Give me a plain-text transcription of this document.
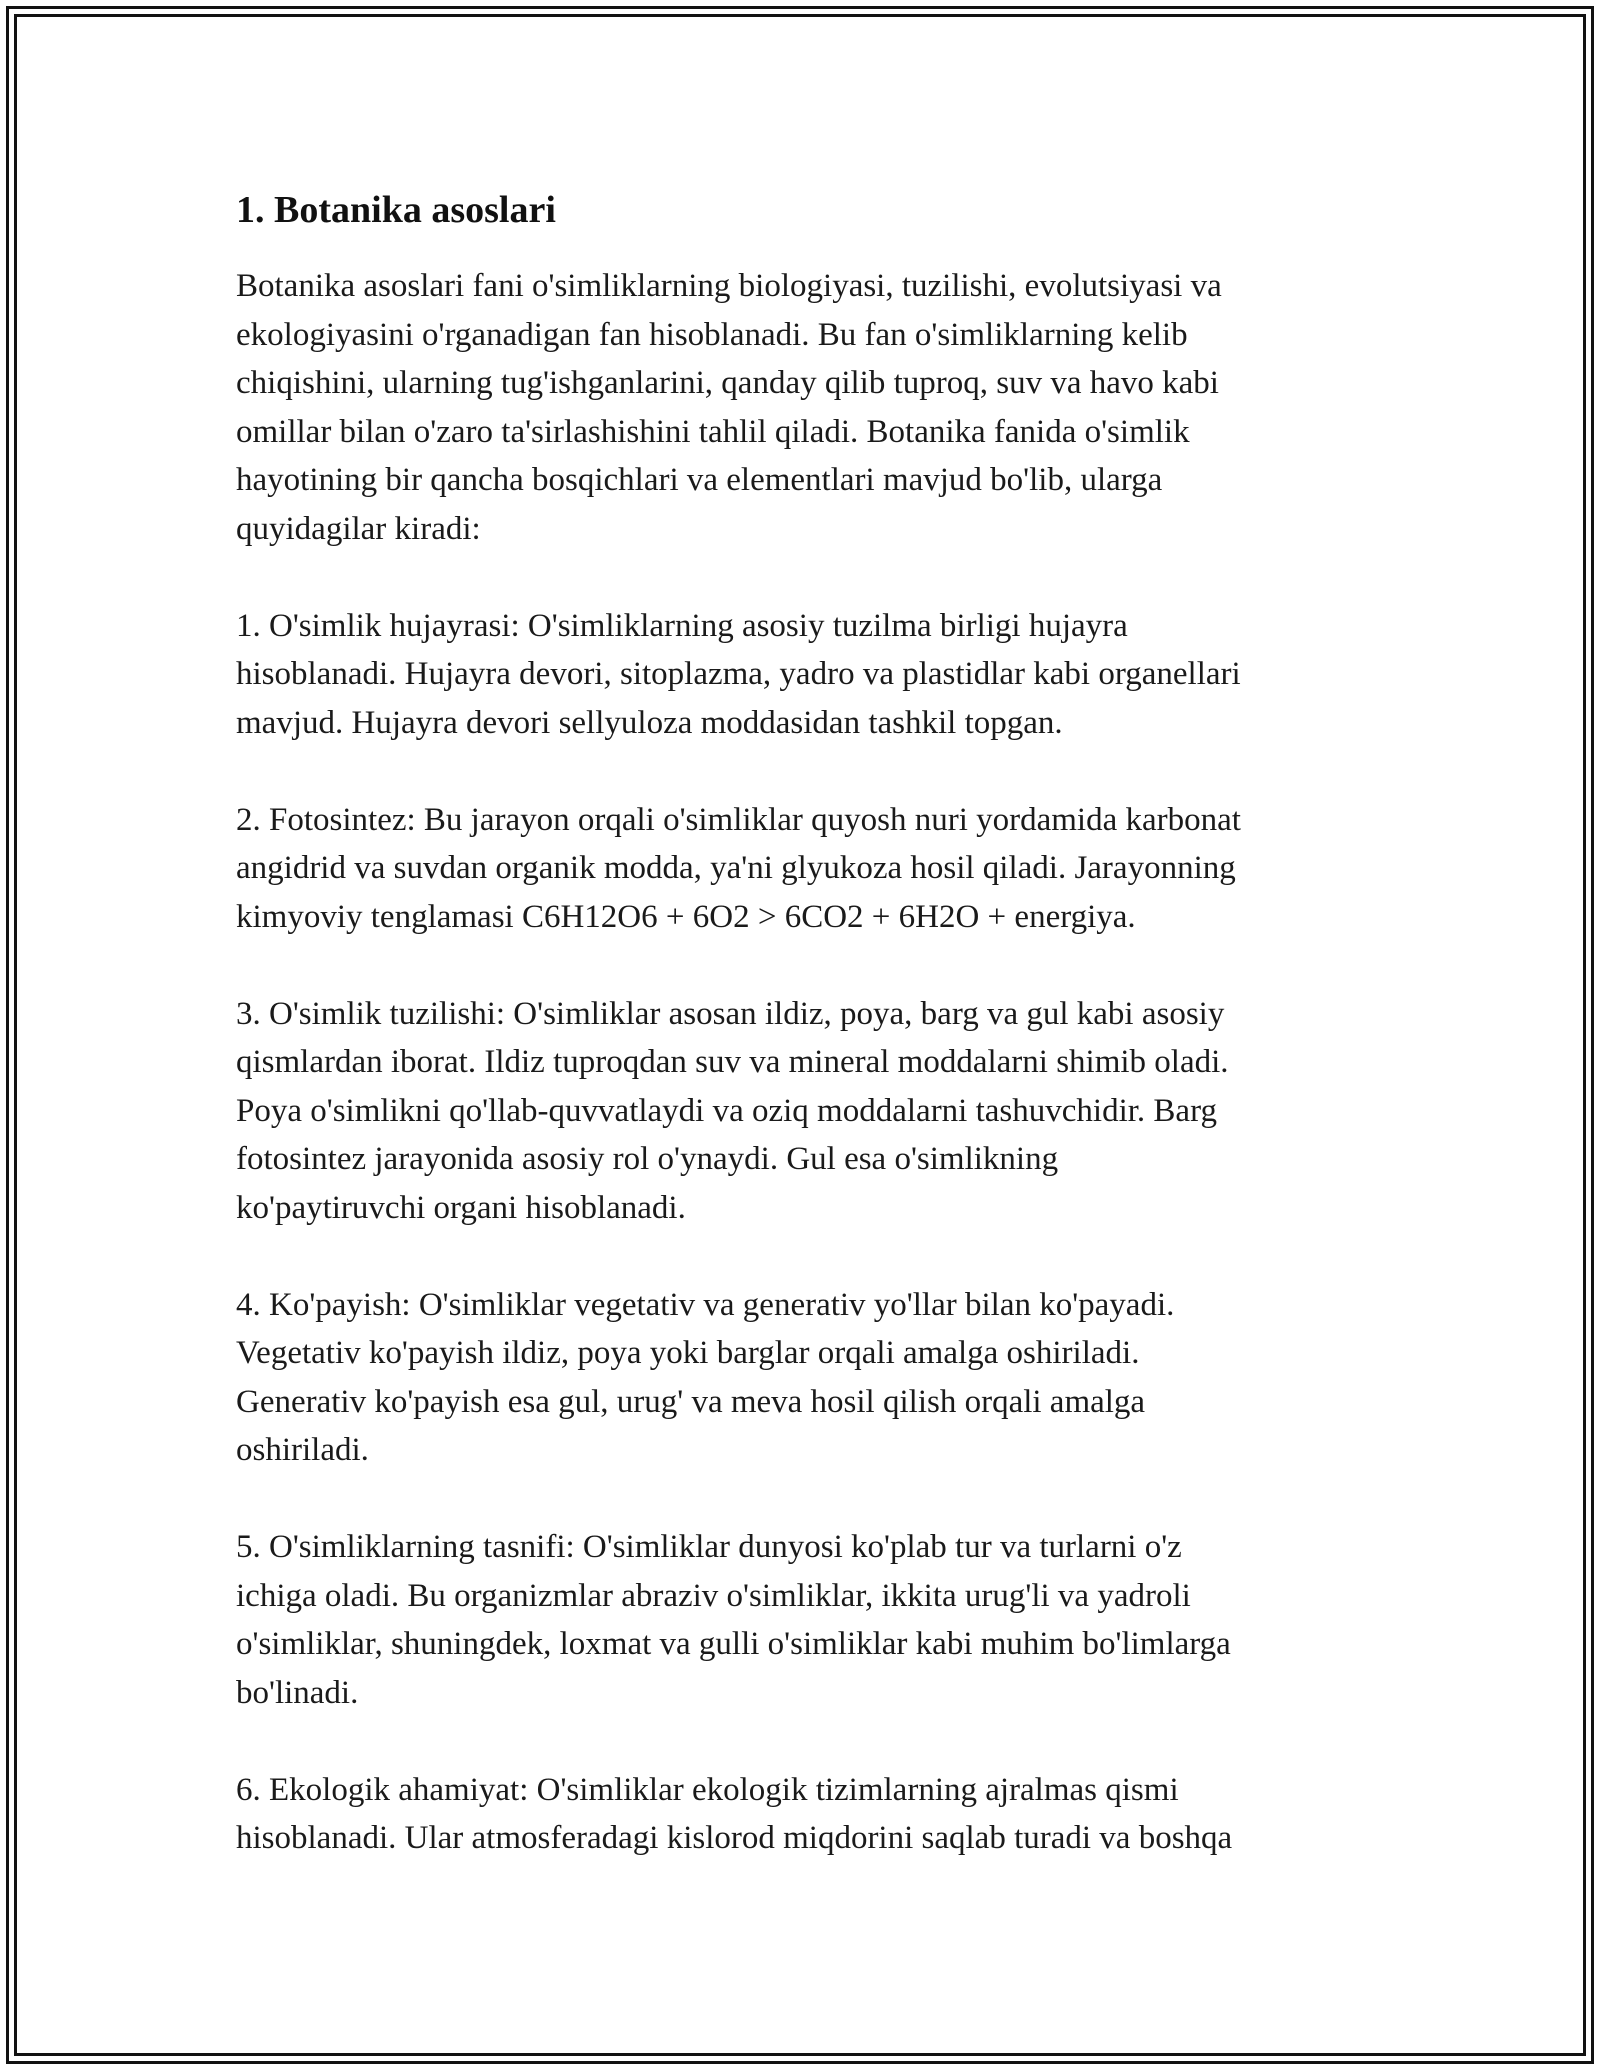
1. Botanika asoslari

Botanika asoslari fani o'simliklarning biologiyasi, tuzilishi, evolutsiyasi va
ekologiyasini o'rganadigan fan hisoblanadi. Bu fan o'simliklarning kelib
chiqishini, ularning tug'ishganlarini, qanday qilib tuproq, suv va havo kabi
omillar bilan o'zaro ta'sirlashishini tahlil qiladi. Botanika fanida o'simlik
hayotining bir qancha bosqichlari va elementlari mavjud bo'lib, ularga
quyidagilar kiradi:

1. O'simlik hujayrasi: O'simliklarning asosiy tuzilma birligi hujayra
hisoblanadi. Hujayra devori, sitoplazma, yadro va plastidlar kabi organellari
mavjud. Hujayra devori sellyuloza moddasidan tashkil topgan.

2. Fotosintez: Bu jarayon orqali o'simliklar quyosh nuri yordamida karbonat
angidrid va suvdan organik modda, ya'ni glyukoza hosil qiladi. Jarayonning
kimyoviy tenglamasi C6H12O6 + 6O2 > 6CO2 + 6H2O + energiya.

3. O'simlik tuzilishi: O'simliklar asosan ildiz, poya, barg va gul kabi asosiy
qismlardan iborat. Ildiz tuproqdan suv va mineral moddalarni shimib oladi.
Poya o'simlikni qo'llab-quvvatlaydi va oziq moddalarni tashuvchidir. Barg
fotosintez jarayonida asosiy rol o'ynaydi. Gul esa o'simlikning
ko'paytiruvchi organi hisoblanadi.

4. Ko'payish: O'simliklar vegetativ va generativ yo'llar bilan ko'payadi.
Vegetativ ko'payish ildiz, poya yoki barglar orqali amalga oshiriladi.
Generativ ko'payish esa gul, urug' va meva hosil qilish orqali amalga
oshiriladi.

5. O'simliklarning tasnifi: O'simliklar dunyosi ko'plab tur va turlarni o'z
ichiga oladi. Bu organizmlar abraziv o'simliklar, ikkita urug'li va yadroli
o'simliklar, shuningdek, loxmat va gulli o'simliklar kabi muhim bo'limlarga
bo'linadi.

6. Ekologik ahamiyat: O'simliklar ekologik tizimlarning ajralmas qismi
hisoblanadi. Ular atmosferadagi kislorod miqdorini saqlab turadi va boshqa
